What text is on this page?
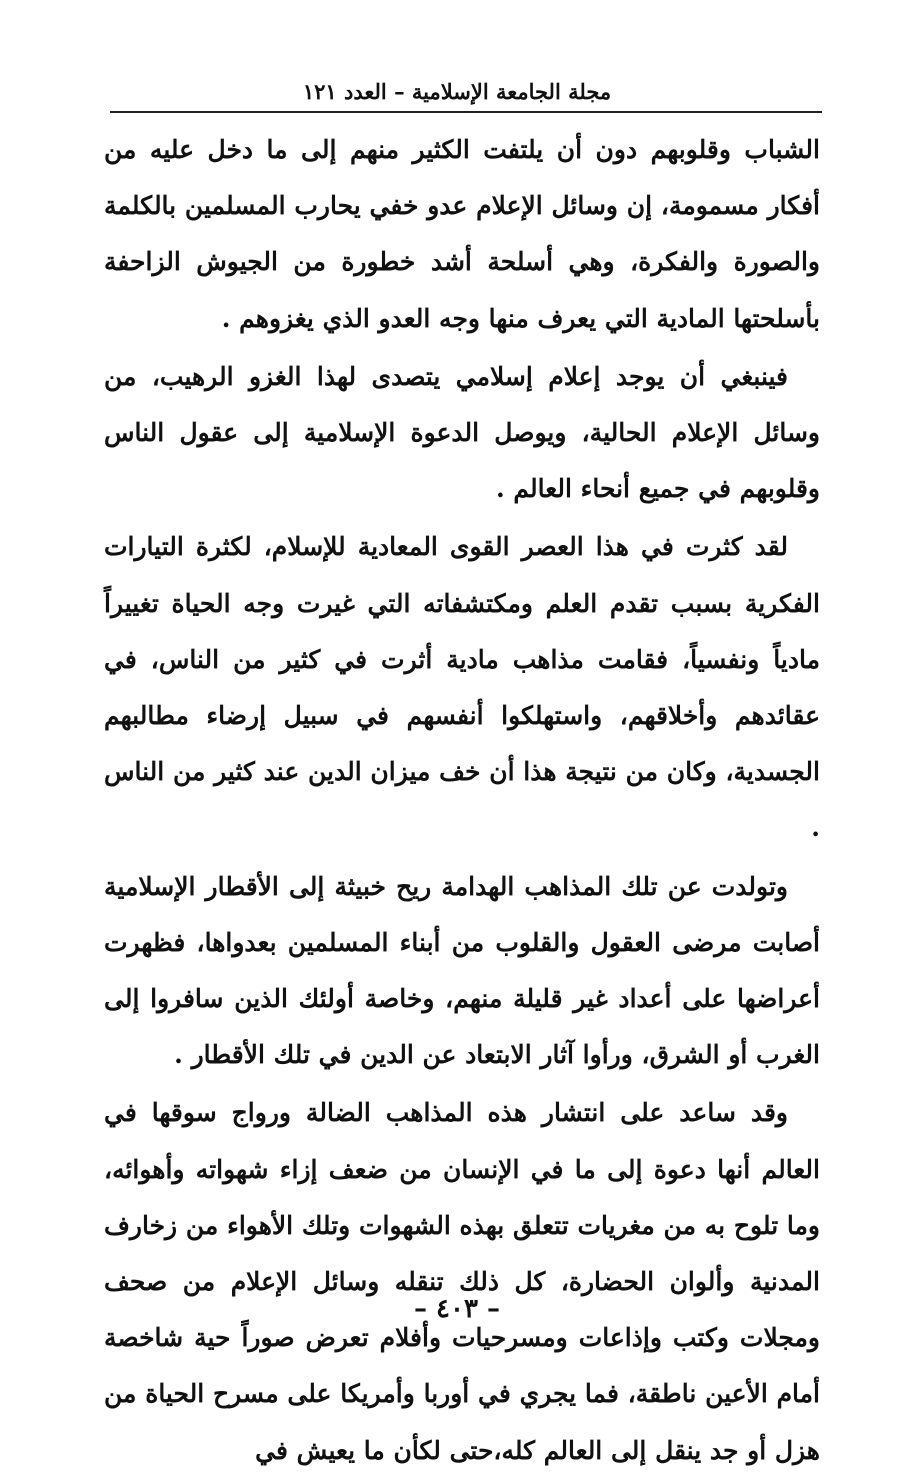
مجلة الجامعة الإسلامية – العدد ١٢١

الشباب وقلوبهم دون أن يلتفت الكثير منهم إلى ما دخل عليه من أفكار مسمومة، إن وسائل الإعلام عدو خفي يحارب المسلمين بالكلمة والصورة والفكرة، وهي أسلحة أشد خطورة من الجيوش الزاحفة بأسلحتها المادية التي يعرف منها وجه العدو الذي يغزوهم .

فينبغي أن يوجد إعلام إسلامي يتصدى لهذا الغزو الرهيب، من وسائل الإعلام الحالية، ويوصل الدعوة الإسلامية إلى عقول الناس وقلوبهم في جميع أنحاء العالم .

لقد كثرت في هذا العصر القوى المعادية للإسلام، لكثرة التيارات الفكرية بسبب تقدم العلم ومكتشفاته التي غيرت وجه الحياة تغييراً مادياً ونفسياً، فقامت مذاهب مادية أثرت في كثير من الناس، في عقائدهم وأخلاقهم، واستهلكوا أنفسهم في سبيل إرضاء مطالبهم الجسدية، وكان من نتيجة هذا أن خف ميزان الدين عند كثير من الناس .

وتولدت عن تلك المذاهب الهدامة ريح خبيثة إلى الأقطار الإسلامية أصابت مرضى العقول والقلوب من أبناء المسلمين بعدواها، فظهرت أعراضها على أعداد غير قليلة منهم، وخاصة أولئك الذين سافروا إلى الغرب أو الشرق، ورأوا آثار الابتعاد عن الدين في تلك الأقطار .

وقد ساعد على انتشار هذه المذاهب الضالة ورواج سوقها في العالم أنها دعوة إلى ما في الإنسان من ضعف إزاء شهواته وأهوائه، وما تلوح به من مغريات تتعلق بهذه الشهوات وتلك الأهواء من زخارف المدنية وألوان الحضارة، كل ذلك تنقله وسائل الإعلام من صحف ومجلات وكتب وإذاعات ومسرحيات وأفلام تعرض صوراً حية شاخصة أمام الأعين ناطقة، فما يجري في أوربا وأمريكا على مسرح الحياة من هزل أو جد ينقل إلى العالم كله،حتى لكأن ما يعيش في

– ٤٠٣ –
